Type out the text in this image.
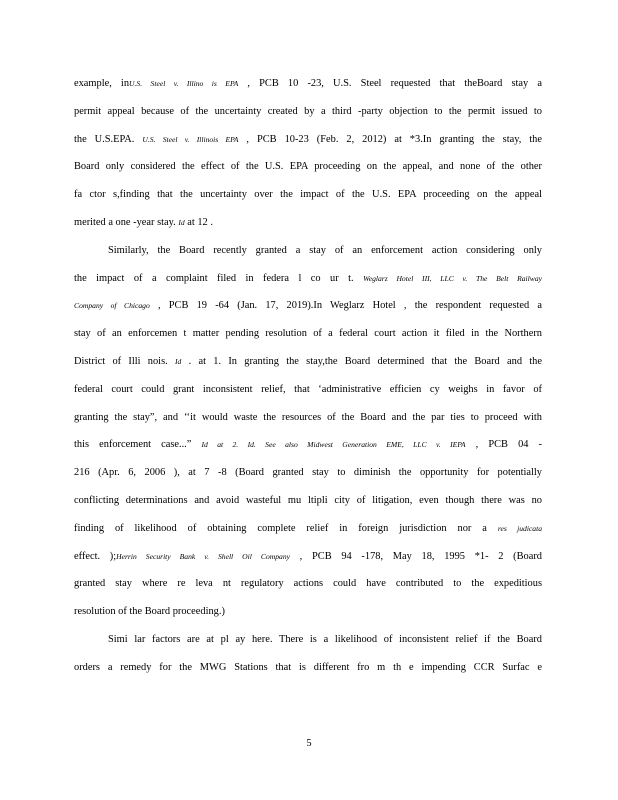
example, inU.S. Steel v. Illino is EPA , PCB 10 -23, U.S. Steel requested that theBoard stay a
permit appeal because of the uncertainty created by a third -party objection to the permit issued to
the U.S.EPA. U.S. Steel v. Illinois EPA , PCB 10-23 (Feb. 2, 2012) at *3.In granting the stay, the
Board only considered the effect of the U.S. EPA proceeding on the appeal, and none of the other
fa ctor s,finding that the uncertainty over the impact of the U.S. EPA proceeding on the appeal
merited a one -year stay. Id at 12 .
Similarly, the Board recently granted a stay of an enforcement action considering only
the impact of a complaint filed in federa l co ur t. Weglarz Hotel III, LLC v. The Belt Railway
Company of Chicago , PCB 19 -64 (Jan. 17, 2019).In Weglarz Hotel , the respondent requested a
stay of an enforcemen t matter pending resolution of a federal court action it filed in the Northern
District of Illi nois. Id . at 1. In granting the stay,the Board determined that the Board and the
federal court could grant inconsistent relief, that ‘administrative efficien cy weighs in favor of
granting the stay”, and ‘‘it would waste the resources of the Board and the par ties to proceed with
this enforcement case...” Id at 2. Id. See also Midwest Generation EME, LLC v. IEPA , PCB 04 -
216 (Apr. 6, 2006 ), at 7 -8 (Board granted stay to diminish the opportunity for potentially
conflicting determinations and avoid wasteful mu ltipli city of litigation, even though there was no
finding of likelihood of obtaining complete relief in foreign jurisdiction nor a res judicata
effect. );Herrin Security Bank v. Shell Oil Company , PCB 94 -178, May 18, 1995 *1- 2 (Board
granted stay where re leva nt regulatory actions could have contributed to the expeditious
resolution of the Board proceeding.)
Simi lar factors are at pl ay here. There is a likelihood of inconsistent relief if the Board
orders a remedy for the MWG Stations that is different fro m th e impending CCR Surfac e
5
